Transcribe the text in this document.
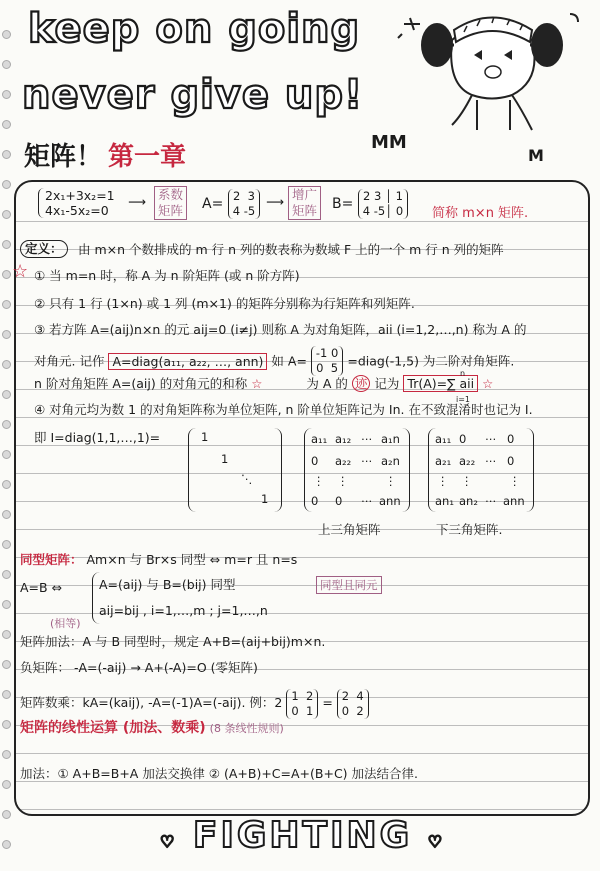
keep on going
never give up!
MM
M
矩阵！ 第一章
2x₁+3x₂=1
4x₁-5x₂=0
⟶ 系数
矩阵 A= 2 3
4 -5
⟶ 增广
矩阵 B= 2 3 │ 1
4 -5│ 0	简称 m×n 矩阵.
定义：	由 m×n 个数排成的 m 行 n 列的数表称为数域 F 上的一个 m 行 n 列的矩阵
☆ ① 当 m=n 时，称 A 为 n 阶矩阵 (或 n 阶方阵)
② 只有 1 行 (1×n) 或 1 列 (m×1) 的矩阵分别称为行矩阵和列矩阵.
③ 若方阵 A=(aij)n×n 的元 aij=0 (i≠j) 则称 A 为对角矩阵，aii (i=1,2,…,n) 称为 A 的
对角元. 记作 A=diag(a₁₁, a₂₂, …, ann) 如 A= -1 0
0 5 =diag(-1,5) 为二阶对角矩阵.
n 阶对角矩阵 A=(aij) 的对角元的和称 ☆	为 A 的 迹 记为 Tr(A)=∑ aii ☆
n
i=1
④ 对角元均为数 1 的对角矩阵称为单位矩阵, n 阶单位矩阵记为 In. 在不致混淆时也记为 I.
即 I=diag(1,1,…,1)=	1
1
⋱
1
a₁₁ a₁₂ ⋯ a₁n
0 a₂₂ ⋯ a₂n
⋮ ⋮	⋮
0 0 ⋯ ann
a₁₁ 0 ⋯ 0
a₂₁ a₂₂ ⋯ 0
⋮ ⋮	⋮
an₁ an₂ ⋯ ann
上三角矩阵	下三角矩阵.
同型矩阵： Am×n 与 Br×s 同型 ⇔ m=r 且 n=s
A=B ⇔	A=(aij) 与 B=(bij) 同型
aij=bij , i=1,…,m ; j=1,…,n
同型且同元
(相等)
矩阵加法：A 与 B 同型时，规定 A+B=(aij+bij)m×n.
负矩阵： -A=(-aij) → A+(-A)=O (零矩阵)
矩阵数乘：kA=(kaij), -A=(-1)A=(-aij). 例：2 1 2
0 1 = 2 4
0 2
矩阵的线性运算 (加法、数乘) (8 条线性规则)
加法：① A+B=B+A 加法交换律 ② (A+B)+C=A+(B+C) 加法结合律.
♡ FIGHTING ♡
